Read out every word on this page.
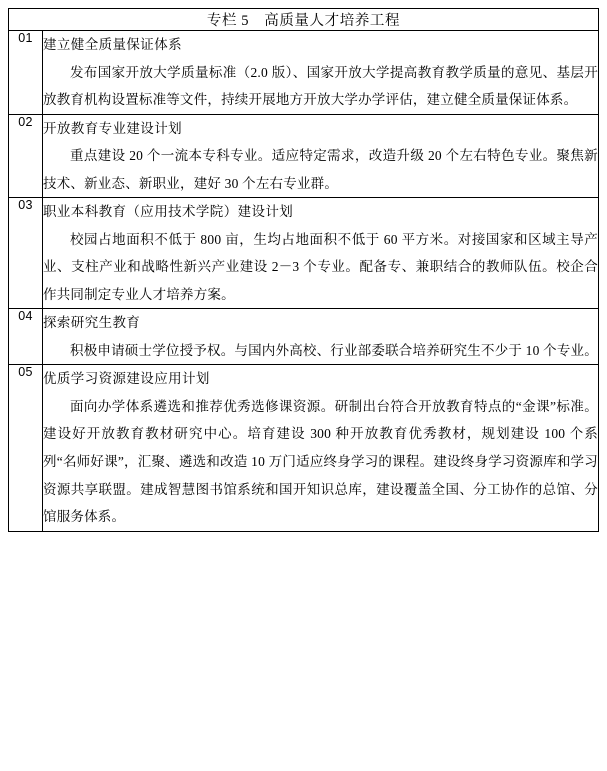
专栏 5　高质量人才培养工程	
01	建立健全质量保证体系

发布国家开放大学质量标准（2.0 版）、国家开放大学提高教育教学质量的意见、基层开放教育机构设置标准等文件，持续开展地方开放大学办学评估，建立健全质量保证体系。

02	开放教育专业建设计划

重点建设 20 个一流本专科专业。适应特定需求，改造升级 20 个左右特色专业。聚焦新技术、新业态、新职业，建好 30 个左右专业群。

03	职业本科教育（应用技术学院）建设计划

校园占地面积不低于 800 亩，生均占地面积不低于 60 平方米。对接国家和区域主导产业、支柱产业和战略性新兴产业建设 2－3 个专业。配备专、兼职结合的教师队伍。校企合作共同制定专业人才培养方案。

04	探索研究生教育

积极申请硕士学位授予权。与国内外高校、行业部委联合培养研究生不少于 10 个专业。

05	优质学习资源建设应用计划

面向办学体系遴选和推荐优秀选修课资源。研制出台符合开放教育特点的“金课”标准。建设好开放教育教材研究中心。培育建设 300 种开放教育优秀教材，规划建设 100 个系列“名师好课”，汇聚、遴选和改造 10 万门适应终身学习的课程。建设终身学习资源库和学习资源共享联盟。建成智慧图书馆系统和国开知识总库，建设覆盖全国、分工协作的总馆、分馆服务体系。
